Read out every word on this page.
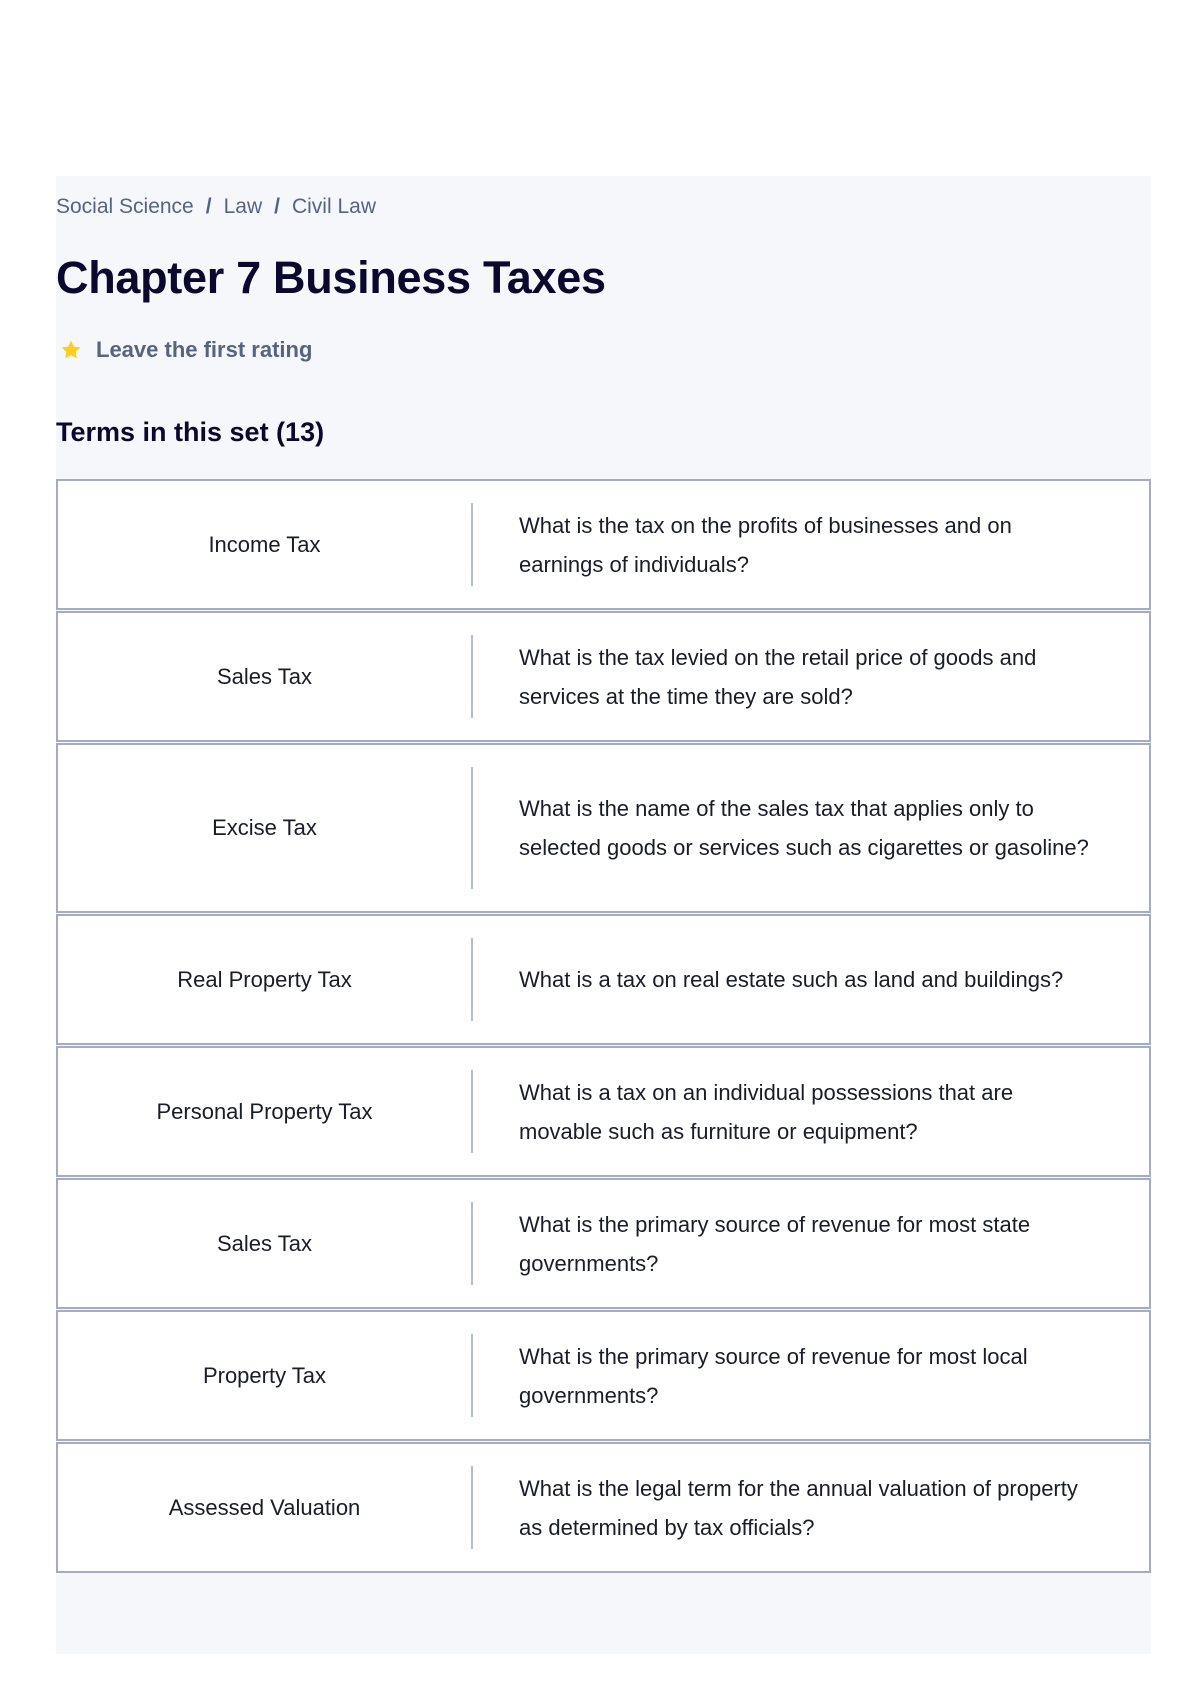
Social Science / Law / Civil Law
Chapter 7 Business Taxes
Leave the first rating
Terms in this set (13)
Income Tax
What is the tax on the profits of businesses and on earnings of individuals?
Sales Tax
What is the tax levied on the retail price of goods and services at the time they are sold?
Excise Tax
What is the name of the sales tax that applies only to selected goods or services such as cigarettes or gasoline?
Real Property Tax	What is a tax on real estate such as land and buildings?
Personal Property Tax
What is a tax on an individual possessions that are movable such as furniture or equipment?
Sales Tax
What is the primary source of revenue for most state governments?
Property Tax
What is the primary source of revenue for most local governments?
Assessed Valuation
What is the legal term for the annual valuation of property as determined by tax officials?
